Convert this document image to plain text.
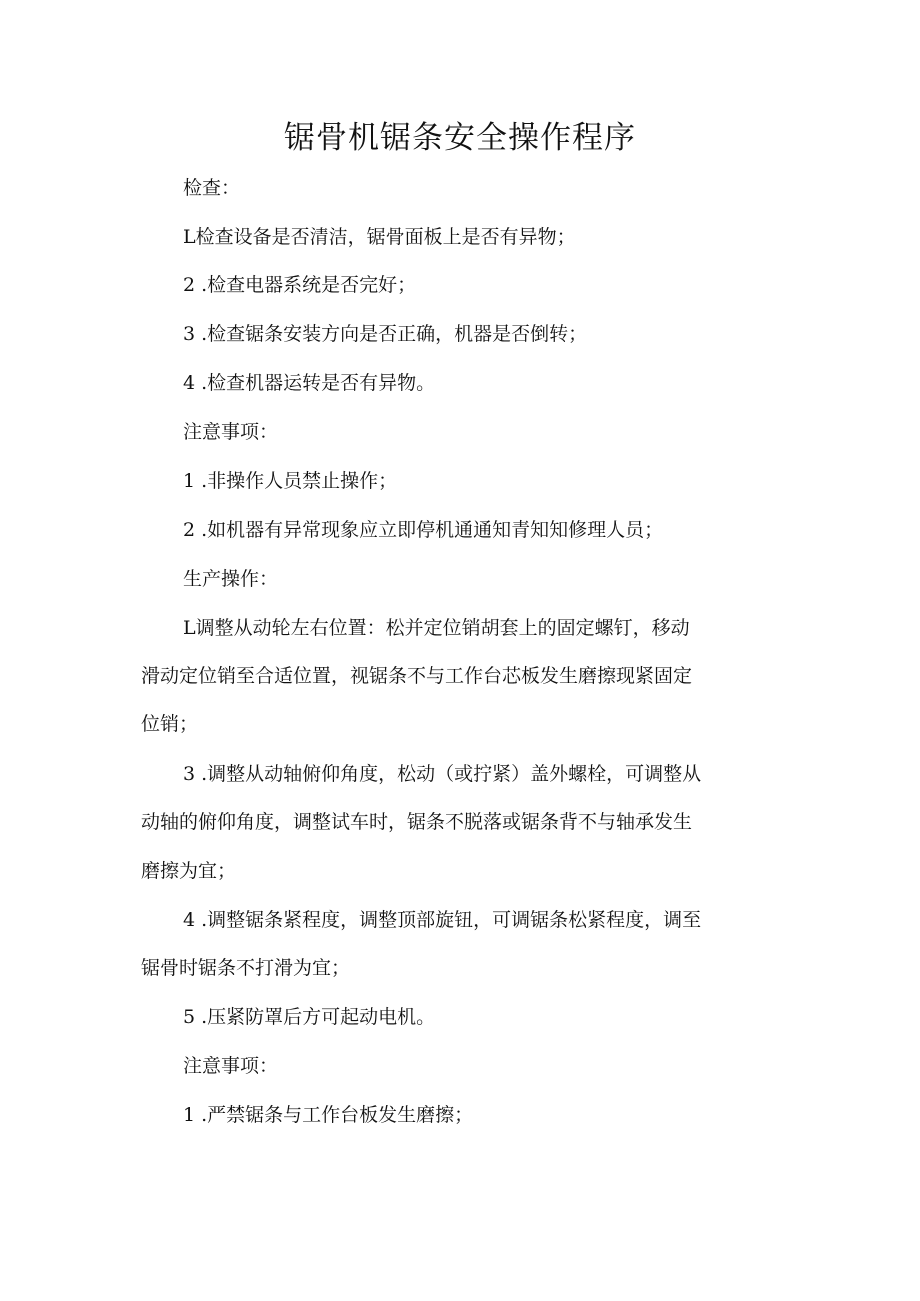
锯骨机锯条安全操作程序
检查：
L检查设备是否清洁，锯骨面板上是否有异物；
2 .检查电器系统是否完好；
3 .检查锯条安装方向是否正确，机器是否倒转；
4 .检查机器运转是否有异物。
注意事项：
1 .非操作人员禁止操作；
2 .如机器有异常现象应立即停机通通知青知知修理人员；
生产操作：
L调整从动轮左右位置：松并定位销胡套上的固定螺钉，移动
滑动定位销至合适位置，视锯条不与工作台芯板发生磨擦现紧固定
位销；
3 .调整从动轴俯仰角度，松动（或拧紧）盖外螺栓，可调整从
动轴的俯仰角度，调整试车时，锯条不脱落或锯条背不与轴承发生
磨擦为宜；
4 .调整锯条紧程度，调整顶部旋钮，可调锯条松紧程度，调至
锯骨时锯条不打滑为宜；
5 .压紧防罩后方可起动电机。
注意事项：
1 .严禁锯条与工作台板发生磨擦；
